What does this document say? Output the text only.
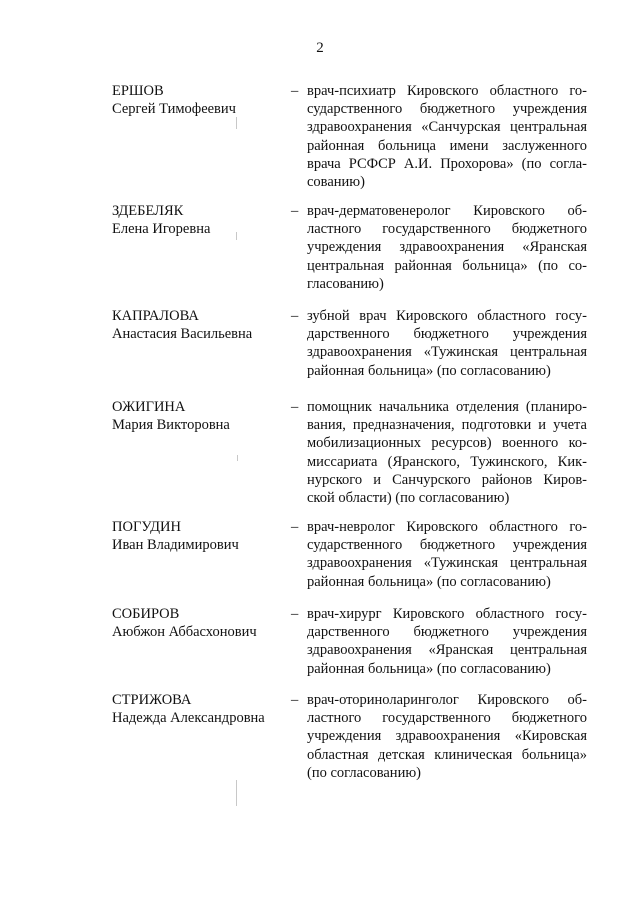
2
ЕРШОВ
Сергей Тимофеевич
– врач-психиатр Кировского областного го-
сударственного бюджетного учреждения
здравоохранения «Санчурская центральная
районная больница имени заслуженного
врача РСФСР А.И. Прохорова» (по согла-
сованию)
ЗДЕБЕЛЯК
Елена Игоревна
– врач-дерматовенеролог Кировского об-
ластного государственного бюджетного
учреждения здравоохранения «Яранская
центральная районная больница» (по со-
гласованию)
КАПРАЛОВА
Анастасия Васильевна
– зубной врач Кировского областного госу-
дарственного бюджетного учреждения
здравоохранения «Тужинская центральная
районная больница» (по согласованию)
ОЖИГИНА
Мария Викторовна
– помощник начальника отделения (планиро-
вания, предназначения, подготовки и учета
мобилизационных ресурсов) военного ко-
миссариата (Яранского, Тужинского, Кик-
нурского и Санчурского районов Киров-
ской области) (по согласованию)
ПОГУДИН
Иван Владимирович
– врач-невролог Кировского областного го-
сударственного бюджетного учреждения
здравоохранения «Тужинская центральная
районная больница» (по согласованию)
СОБИРОВ
Аюбжон Аббасхонович
– врач-хирург Кировского областного госу-
дарственного бюджетного учреждения
здравоохранения «Яранская центральная
районная больница» (по согласованию)
СТРИЖОВА
Надежда Александровна
– врач-оториноларинголог Кировского об-
ластного государственного бюджетного
учреждения здравоохранения «Кировская
областная детская клиническая больница»
(по согласованию)
